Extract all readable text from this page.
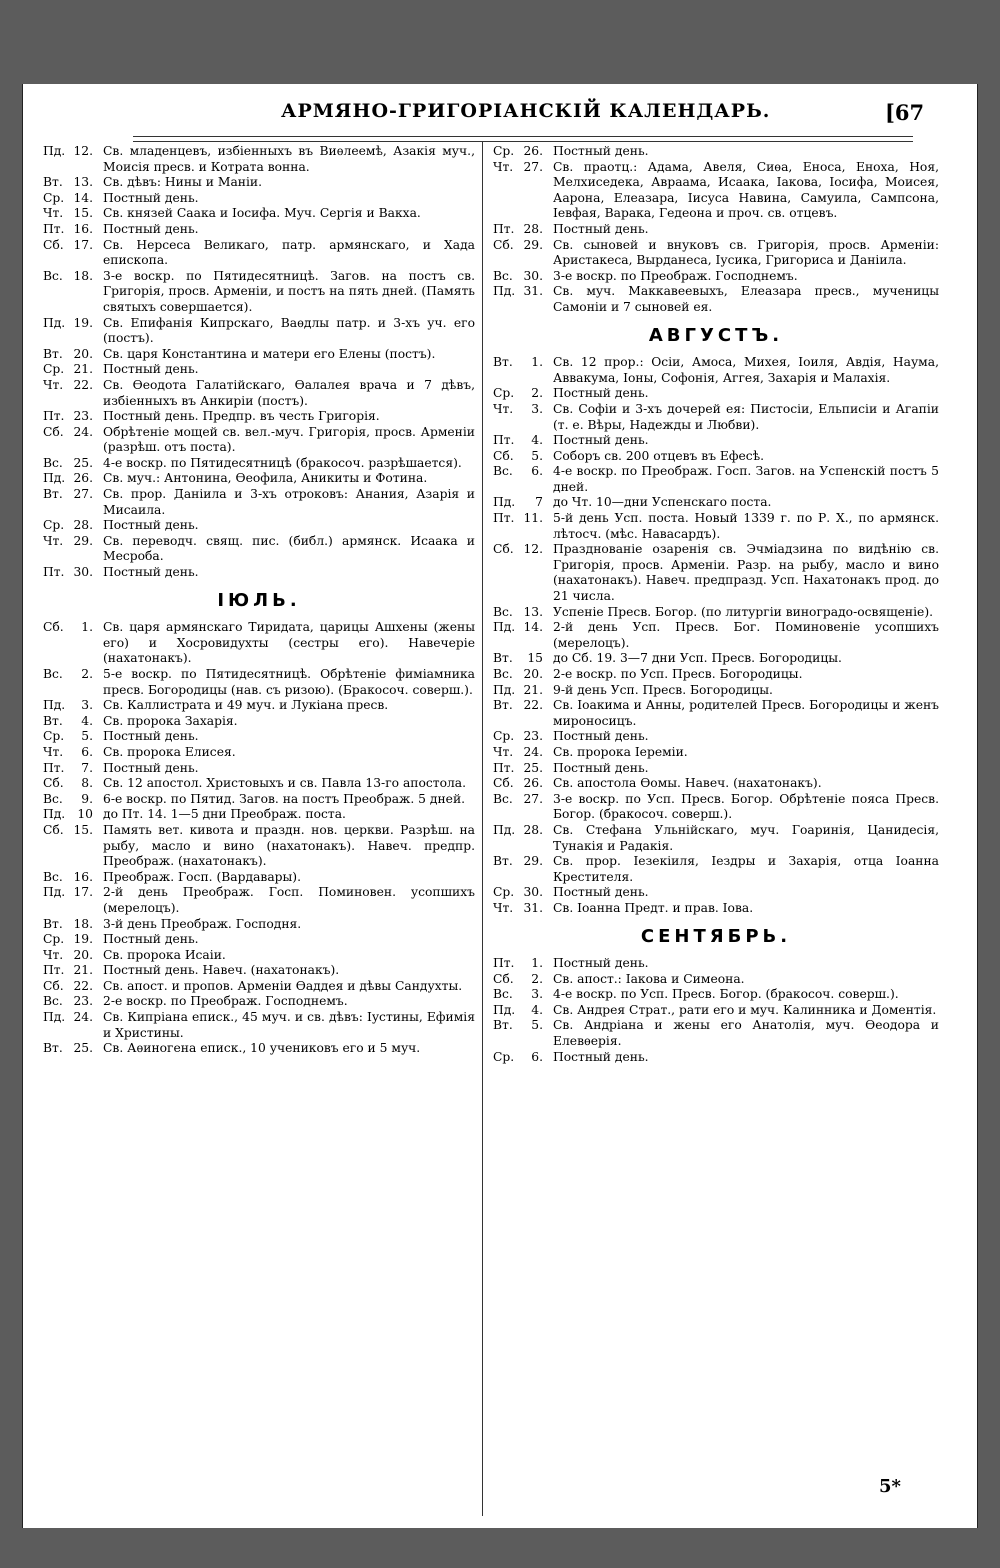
АРМЯНО-ГРИГОРІАНСКІЙ КАЛЕНДАРЬ.	[67
Пд. 12. Св. младенцевъ, избіенныхъ въ Виѳлеемѣ, Азакія муч., Моисія пресв. и Котрата вонна.
Вт. 13. Св. дѣвъ: Нины и Маніи.
Ср. 14. Постный день.
Чт. 15. Св. князей Саака и Іосифа. Муч. Сергія и Вакха.
Пт. 16. Постный день.
Сб. 17. Св. Нерсеса Великаго, патр. армянскаго, и Хада епископа.
Вс. 18. 3-е воскр. по Пятидесятницѣ. Загов. на постъ св. Григорія, просв. Арменіи, и постъ на пять дней. (Память святыхъ совершается).
Пд. 19. Св. Епифанія Кипрскаго, Ваѳдлы патр. и 3-хъ уч. его (постъ).
Вт. 20. Св. царя Константина и матери его Елены (постъ).
Ср. 21. Постный день.
Чт. 22. Св. Ѳеодота Галатійскаго, Ѳалалея врача и 7 дѣвъ, избіенныхъ въ Анкиріи (постъ).
Пт. 23. Постный день. Предпр. въ честь Григорія.
Сб. 24. Обрѣтеніе мощей св. вел.-муч. Григорія, просв. Арменіи (разрѣш. отъ поста).
Вс. 25. 4-е воскр. по Пятидесятницѣ (бракосоч. разрѣшается).
Пд. 26. Св. муч.: Антонина, Ѳеофила, Аникиты и Фотина.
Вт. 27. Св. прор. Даніила и 3-хъ отроковъ: Анания, Азарія и Мисаила.
Ср. 28. Постный день.
Чт. 29. Св. переводч. свящ. пис. (библ.) армянск. Исаака и Месроба.
Пт. 30. Постный день.
ІЮЛЬ.
Сб.	1. Св. царя армянскаго Тиридата, царицы Ашхены (жены его) и Хосровидухты (сестры его). Навечеріе (нахатонакъ).
Вс.	2. 5-е воскр. по Пятидесятницѣ. Обрѣтеніе фиміамника пресв. Богородицы (нав. съ ризою). (Бракосоч. соверш.).
Пд.	3. Св. Каллистрата и 49 муч. и Лукіана пресв.
Вт.	4. Св. пророка Захарія.
Ср.	5. Постный день.
Чт.	6. Св. пророка Елисея.
Пт.	7. Постный день.
Сб.	8. Св. 12 апостол. Христовыхъ и св. Павла 13-го апостола.
Вс.	9. 6-е воскр. по Пятид. Загов. на постъ Преображ. 5 дней.
Пд. 10 до Пт. 14. 1—5 дни Преображ. поста.
Сб. 15. Память вет. кивота и праздн. нов. церкви. Разрѣш. на рыбу, масло и вино (нахатонакъ). Навеч. предпр. Преображ. (нахатонакъ).
Вс. 16. Преображ. Госп. (Вардавары).
Пд. 17. 2-й день Преображ. Госп. Поминовен. усопшихъ (мерелоцъ).
Вт. 18. 3-й день Преображ. Господня.
Ср. 19. Постный день.
Чт. 20. Св. пророка Исаіи.
Пт. 21. Постный день. Навеч. (нахатонакъ).
Сб. 22. Св. апост. и пропов. Арменіи Ѳаддея и дѣвы Сандухты.
Вс. 23. 2-е воскр. по Преображ. Господнемъ.
Пд. 24. Св. Кипріана еписк., 45 муч. и св. дѣвъ: Іустины, Ефимія и Христины.
Вт. 25. Св. Аѳиногена еписк., 10 учениковъ его и 5 муч.
Ср. 26. Постный день.
Чт. 27. Св. праотц.: Адама, Авеля, Сиѳа, Еноса, Еноха, Ноя, Мелхиседека, Авраама, Исаака, Іакова, Іосифа, Моисея, Аарона, Елеазара, Іисуса Навина, Самуила, Сампсона, Іевфая, Варака, Гедеона и проч. св. отцевъ.
Пт. 28. Постный день.
Сб. 29. Св. сыновей и внуковъ св. Григорія, просв. Арменіи: Аристакеса, Вырданеса, Іусика, Григориса и Даніила.
Вс. 30. 3-е воскр. по Преображ. Господнемъ.
Пд. 31. Св. муч. Маккавеевыхъ, Елеазара пресв., мученицы Самоніи и 7 сыновей ея.
АВГУСТЪ.
Вт.	1. Св. 12 прор.: Осіи, Амоса, Михея, Іоиля, Авдія, Наума, Аввакума, Іоны, Софонія, Аггея, Захарія и Малахія.
Ср.	2. Постный день.
Чт.	3. Св. Софіи и 3-хъ дочерей ея: Пистосіи, Ельписіи и Агапіи (т. е. Вѣры, Надежды и Любви).
Пт.	4. Постный день.
Сб.	5. Соборъ св. 200 отцевъ въ Ефесѣ.
Вс.	6. 4-е воскр. по Преображ. Госп. Загов. на Успенскій постъ 5 дней.
Пд.	7 до Чт. 10—дни Успенскаго поста.
Пт. 11. 5-й день Усп. поста. Новый 1339 г. по Р. Х., по армянск. лѣтосч. (мѣс. Навасардъ).
Сб. 12. Празднованіе озаренія св. Эчміадзина по видѣнію св. Григорія, просв. Арменіи. Разр. на рыбу, масло и вино (нахатонакъ). Навеч. предпразд. Усп. Нахатонакъ прод. до 21 числа.
Вс. 13. Успеніе Пресв. Богор. (по литургіи виноградо-освященіе).
Пд. 14. 2-й день Усп. Пресв. Бог. Поминовеніе усопшихъ (мерелоцъ).
Вт.	15 до Сб. 19. 3—7 дни Усп. Пресв. Богородицы.
Вс. 20. 2-е воскр. по Усп. Пресв. Богородицы.
Пд. 21. 9-й день Усп. Пресв. Богородицы.
Вт. 22. Св. Іоакима и Анны, родителей Пресв. Богородицы и женъ мироносицъ.
Ср. 23. Постный день.
Чт. 24. Св. пророка Іереміи.
Пт. 25. Постный день.
Сб. 26. Св. апостола Ѳомы. Навеч. (нахатонакъ).
Вс. 27. 3-е воскр. по Усп. Пресв. Богор. Обрѣтеніе пояса Пресв. Богор. (бракосоч. соверш.).
Пд. 28. Св. Стефана Ульнійскаго, муч. Гоаринія, Цанидесія, Тунакія и Радакія.
Вт. 29. Св. прор. Іезекіиля, Іездры и Захарія, отца Іоанна Крестителя.
Ср. 30. Постный день.
Чт. 31. Св. Іоанна Предт. и прав. Іова.
СЕНТЯБРЬ.
Пт.	1. Постный день.
Сб.	2. Св. апост.: Іакова и Симеона.
Вс.	3. 4-е воскр. по Усп. Пресв. Богор. (бракосоч. соверш.).
Пд.	4. Св. Андрея Страт., рати его и муч. Калинника и Доментія.
Вт.	5. Св. Андріана и жены его Анатолія, муч. Ѳеодора и Елевѳерія.
Ср.	6. Постный день.
5*
